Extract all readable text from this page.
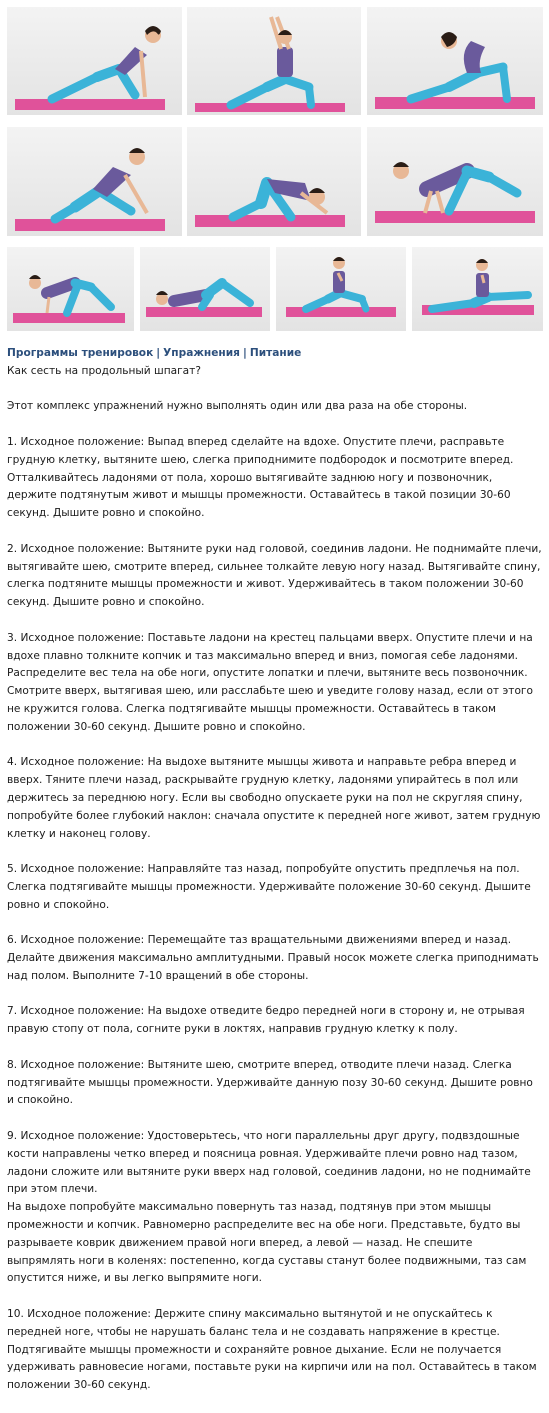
Программы тренировок | Упражнения | Питание
Как сесть на продольный шпагат?
Этот комплекс упражнений нужно выполнять один или два раза на обе стороны.

1. Исходное положение: Выпад вперед сделайте на вдохе. Опустите плечи, расправьте грудную клетку, вытяните шею, слегка приподнимите подбородок и посмотрите вперед.

Отталкивайтесь ладонями от пола, хорошо вытягивайте заднюю ногу и позвоночник, держите подтянутым живот и мышцы промежности. Оставайтесь в такой позиции 30-60 секунд. Дышите ровно и спокойно.

2. Исходное положение: Вытяните руки над головой, соединив ладони. Не поднимайте плечи, вытягивайте шею, смотрите вперед, сильнее толкайте левую ногу назад. Вытягивайте спину, слегка подтяните мышцы промежности и живот. Удерживайтесь в таком положении 30-60 секунд. Дышите ровно и спокойно.

3. Исходное положение: Поставьте ладони на крестец пальцами вверх. Опустите плечи и на вдохе плавно толкните копчик и таз максимально вперед и вниз, помогая себе ладонями. Распределите вес тела на обе ноги, опустите лопатки и плечи, вытяните весь позвоночник. Смотрите вверх, вытягивая шею, или расслабьте шею и уведите голову назад, если от этого не кружится голова. Слегка подтягивайте мышцы промежности. Оставайтесь в таком положении 30-60 секунд. Дышите ровно и спокойно.

4. Исходное положение: На выдохе вытяните мышцы живота и направьте ребра вперед и вверх. Тяните плечи назад, раскрывайте грудную клетку, ладонями упирайтесь в пол или держитесь за переднюю ногу. Если вы свободно опускаете руки на пол не скругляя спину, попробуйте более глубокий наклон: сначала опустите к передней ноге живот, затем грудную клетку и наконец голову.

5. Исходное положение: Направляйте таз назад, попробуйте опустить предплечья на пол. Слегка подтягивайте мышцы промежности. Удерживайте положение 30-60 секунд. Дышите ровно и спокойно.

6. Исходное положение: Перемещайте таз вращательными движениями вперед и назад. Делайте движения максимально амплитудными. Правый носок можете слегка приподнимать над полом. Выполните 7-10 вращений в обе стороны.

7. Исходное положение: На выдохе отведите бедро передней ноги в сторону и, не отрывая правую стопу от пола, согните руки в локтях, направив грудную клетку к полу.

8. Исходное положение: Вытяните шею, смотрите вперед, отводите плечи назад. Слегка подтягивайте мышцы промежности. Удерживайте данную позу 30-60 секунд. Дышите ровно и спокойно.

9. Исходное положение: Удостоверьтесь, что ноги параллельны друг другу, подвздошные кости направлены четко вперед и поясница ровная. Удерживайте плечи ровно над тазом, ладони сложите или вытяните руки вверх над головой, соединив ладони, но не поднимайте при этом плечи.

На выдохе попробуйте максимально повернуть таз назад, подтянув при этом мышцы промежности и копчик. Равномерно распределите вес на обе ноги. Представьте, будто вы разрываете коврик движением правой ноги вперед, а левой — назад. Не спешите выпрямлять ноги в коленях: постепенно, когда суставы станут более подвижными, таз сам опустится ниже, и вы легко выпрямите ноги.

10. Исходное положение: Держите спину максимально вытянутой и не опускайтесь к передней ноге, чтобы не нарушать баланс тела и не создавать напряжение в крестце. Подтягивайте мышцы промежности и сохраняйте ровное дыхание. Если не получается удерживать равновесие ногами, поставьте руки на кирпичи или на пол. Оставайтесь в таком положении 30-60 секунд.
